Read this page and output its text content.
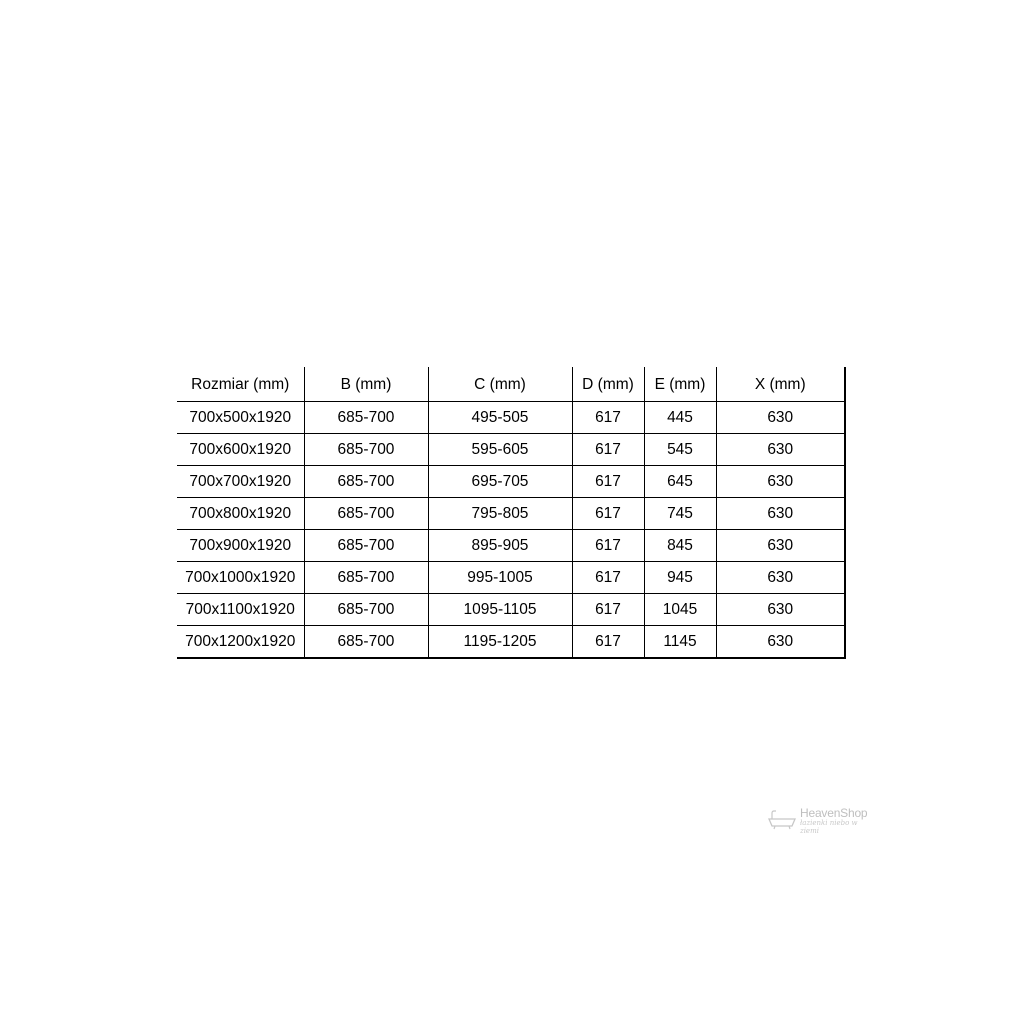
Rozmiar (mm)	B (mm)	C (mm)	D (mm)	E (mm)	X (mm)
700x500x1920	685-700	495-505	617	445	630
700x600x1920	685-700	595-605	617	545	630
700x700x1920	685-700	695-705	617	645	630
700x800x1920	685-700	795-805	617	745	630
700x900x1920	685-700	895-905	617	845	630
700x1000x1920	685-700	995-1005	617	945	630
700x1100x1920	685-700	1095-1105	617	1045	630
700x1200x1920	685-700	1195-1205	617	1145	630
HeavenShop
łazienki niebo w ziemi
